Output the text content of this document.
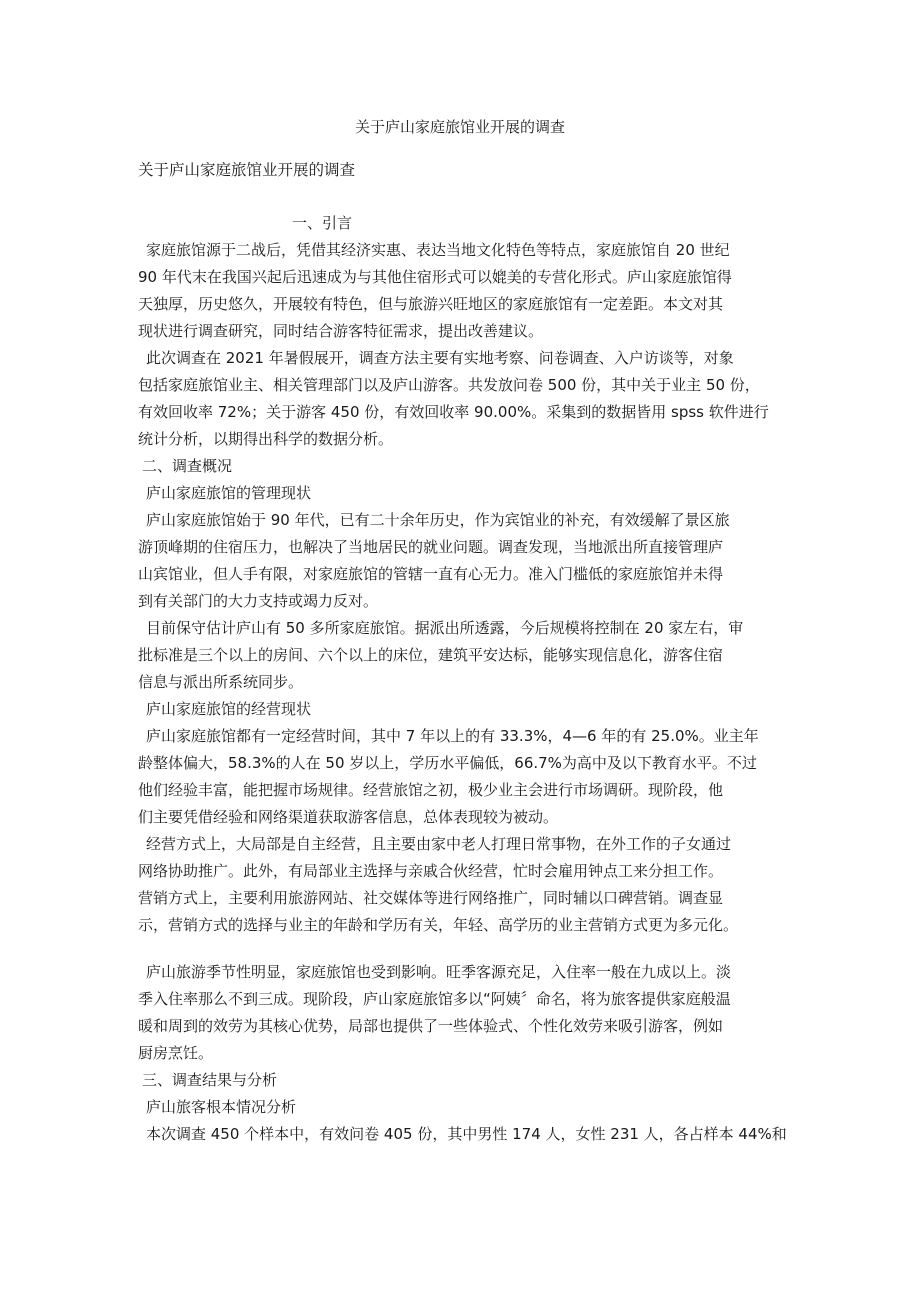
关于庐山家庭旅馆业开展的调查
关于庐山家庭旅馆业开展的调查
一、引言
家庭旅馆源于二战后，凭借其经济实惠、表达当地文化特色等特点，家庭旅馆自 20 世纪
90 年代末在我国兴起后迅速成为与其他住宿形式可以媲美的专营化形式。庐山家庭旅馆得
天独厚，历史悠久，开展较有特色，但与旅游兴旺地区的家庭旅馆有一定差距。本文对其
现状进行调查研究，同时结合游客特征需求，提出改善建议。
此次调查在 2021 年暑假展开，调查方法主要有实地考察、问卷调查、入户访谈等，对象
包括家庭旅馆业主、相关管理部门以及庐山游客。共发放问卷 500 份，其中关于业主 50 份，
有效回收率 72%；关于游客 450 份，有效回收率 90.00%。采集到的数据皆用 spss 软件进行
统计分析，以期得出科学的数据分析。
二、调查概况
庐山家庭旅馆的管理现状
庐山家庭旅馆始于 90 年代，已有二十余年历史，作为宾馆业的补充，有效缓解了景区旅
游顶峰期的住宿压力，也解决了当地居民的就业问题。调查发现，当地派出所直接管理庐
山宾馆业，但人手有限，对家庭旅馆的管辖一直有心无力。准入门槛低的家庭旅馆并未得
到有关部门的大力支持或竭力反对。
目前保守估计庐山有 50 多所家庭旅馆。据派出所透露，今后规模将控制在 20 家左右，审
批标准是三个以上的房间、六个以上的床位，建筑平安达标，能够实现信息化，游客住宿
信息与派出所系统同步。
庐山家庭旅馆的经营现状
庐山家庭旅馆都有一定经营时间，其中 7 年以上的有 33.3%，4—6 年的有 25.0%。业主年
龄整体偏大，58.3%的人在 50 岁以上，学历水平偏低，66.7%为高中及以下教育水平。不过
他们经验丰富，能把握市场规律。经营旅馆之初，极少业主会进行市场调研。现阶段，他
们主要凭借经验和网络渠道获取游客信息，总体表现较为被动。
经营方式上，大局部是自主经营，且主要由家中老人打理日常事物，在外工作的子女通过
网络协助推广。此外，有局部业主选择与亲戚合伙经营，忙时会雇用钟点工来分担工作。
营销方式上，主要利用旅游网站、社交媒体等进行网络推广，同时辅以口碑营销。调查显
示，营销方式的选择与业主的年龄和学历有关，年轻、高学历的业主营销方式更为多元化。
庐山旅游季节性明显，家庭旅馆也受到影响。旺季客源充足，入住率一般在九成以上。淡
季入住率那么不到三成。现阶段，庐山家庭旅馆多以“阿姨〞命名，将为旅客提供家庭般温
暖和周到的效劳为其核心优势，局部也提供了一些体验式、个性化效劳来吸引游客，例如
厨房烹饪。
三、调查结果与分析
庐山旅客根本情况分析
本次调查 450 个样本中，有效问卷 405 份，其中男性 174 人，女性 231 人，各占样本 44%和
